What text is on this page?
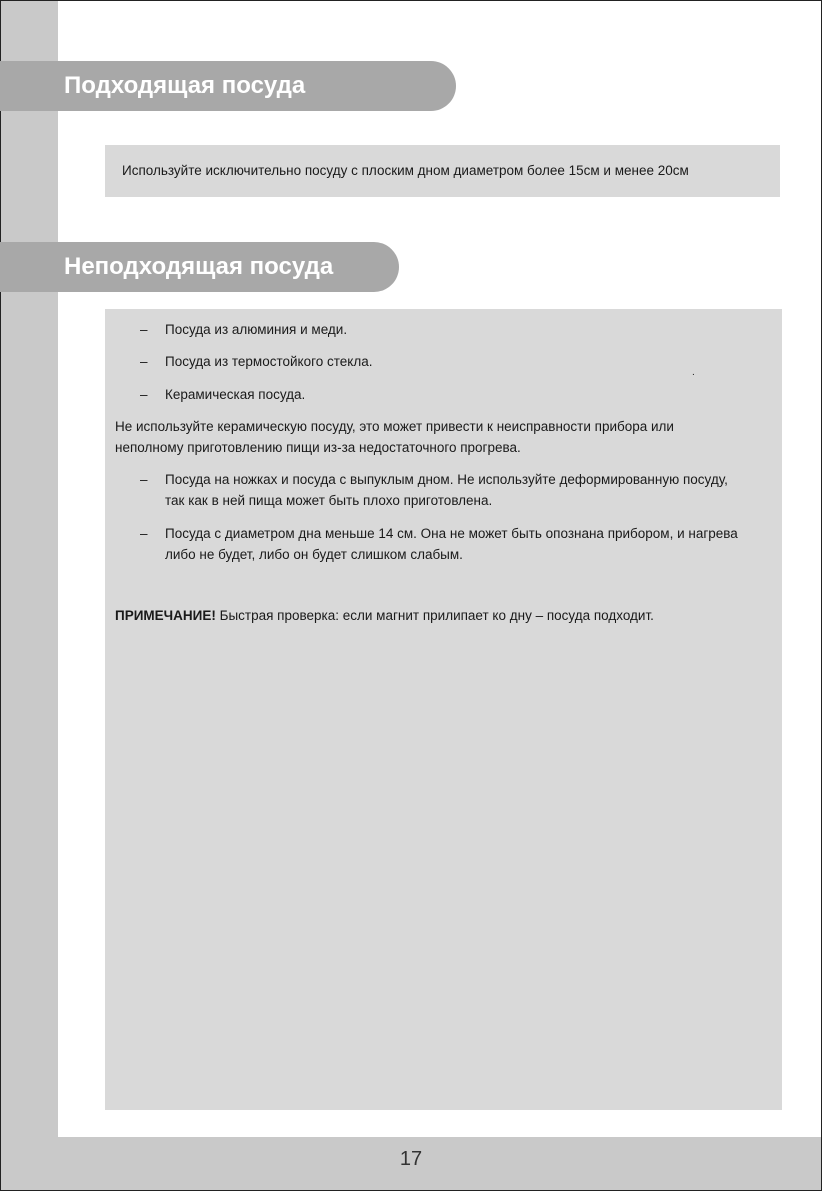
Подходящая посуда
Используйте исключительно посуду с плоским дном диаметром более 15см и менее 20см
Неподходящая посуда
–	Посуда из алюминия и меди.
–	Посуда из термостойкого стекла.
.
–	Керамическая посуда.
Не используйте керамическую посуду, это может привести к неисправности прибора или
неполному приготовлению пищи из-за недостаточного прогрева.
–	Посуда на ножках и посуда с выпуклым дном. Не используйте деформированную посуду,
так как в ней пища может быть плохо приготовлена.
–	Посуда с диаметром дна меньше 14 см. Она не может быть опознана прибором, и нагрева
либо не будет, либо он будет слишком слабым.
ПРИМЕЧАНИЕ! Быстрая проверка: если магнит прилипает ко дну – посуда подходит.
17
